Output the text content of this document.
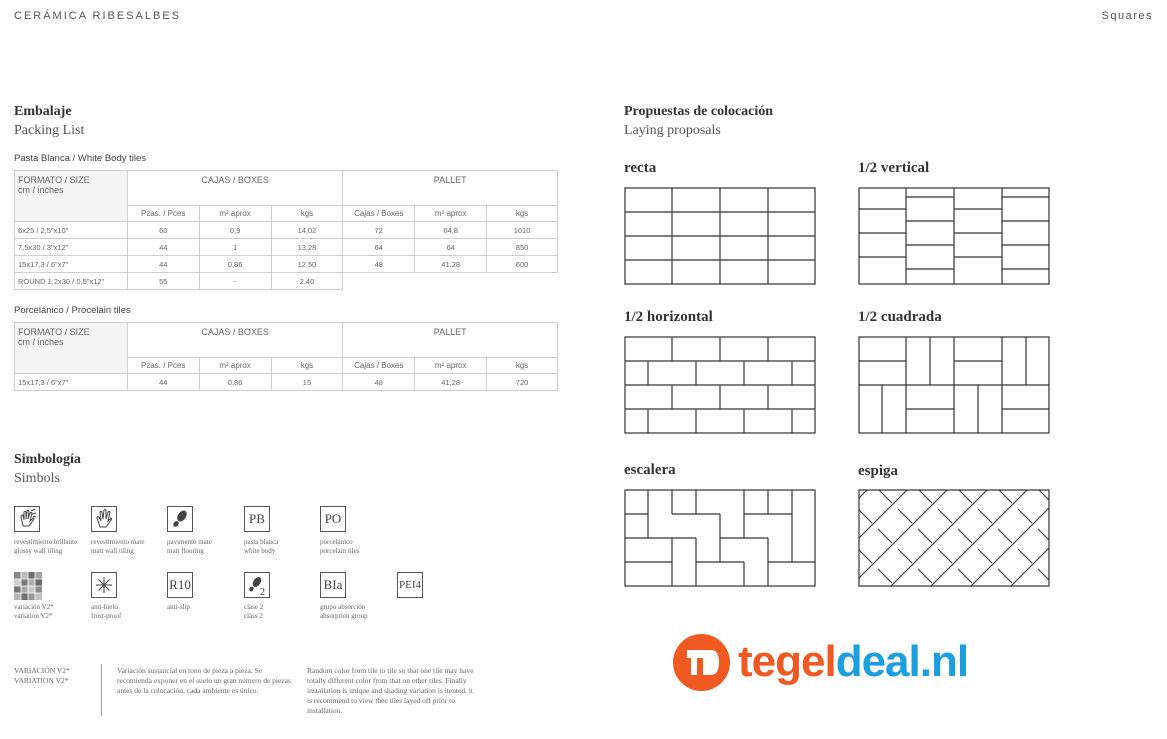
CERÁMICA RIBESALBES	Squares
Embalaje
Packing List
Pasta Blanca / White Body tiles
FORMATO / SIZE
cm / inches	CAJAS / BOXES			PALLET		
	Pzas. / Pces	m² aprox	kgs	Cajas / Boxes	m² aprox	kgs
6x25 / 2,5"x10"	60	0,9	14,02	72	64,8	1010
7,5x30 / 3"x12"	44	1	13,28	64	64	850
15x17,3 / 6"x7"	44	0,86	12,50	48	41,28	600
ROUND 1,2x30 / 0,5"x12"	55	-	2,40			
Porcelánico / Procelain tiles
FORMATO / SIZE
cm / inches	CAJAS / BOXES			PALLET		
	Pzas. / Pces	m² aprox	kgs	Cajas / Boxes	m² aprox	kgs
15x17,3 / 6"x7"	44	0,86	15	48	41,28	720
Simbología
Simbols
revestimiento brillante
glossy wall tiling
revestimiento mate
matt wall tiling
pavimento mate
matt flooring
PB
pasta blanca
white body
PO
porcelánico
porcelain tiles
variación V2*
variation V2*
anti-hielo
frost-proof
R10
anti-slip
2
clase 2
class 2
BIa
grupo absorción
absorption group
PEI4
VARIACIÓN V2*
VARIATION V2*
Variación sustancial en tono de pieza a pieza. Se recomienda exponer en el suelo un gran número de piezas antes de la colocación, cada ambiente es único.
Random color from tile to tile so that one tile may have totally different color from that on other tiles. Finally installation is unique and shading variation is itented, it is recommend to view thee tiles layed off prior to installation.
Propuestas de colocación
Laying proposals
recta	1/2 vertical
1/2 horizontal	1/2 cuadrada
escalera	espiga
tegeldeal.nl
